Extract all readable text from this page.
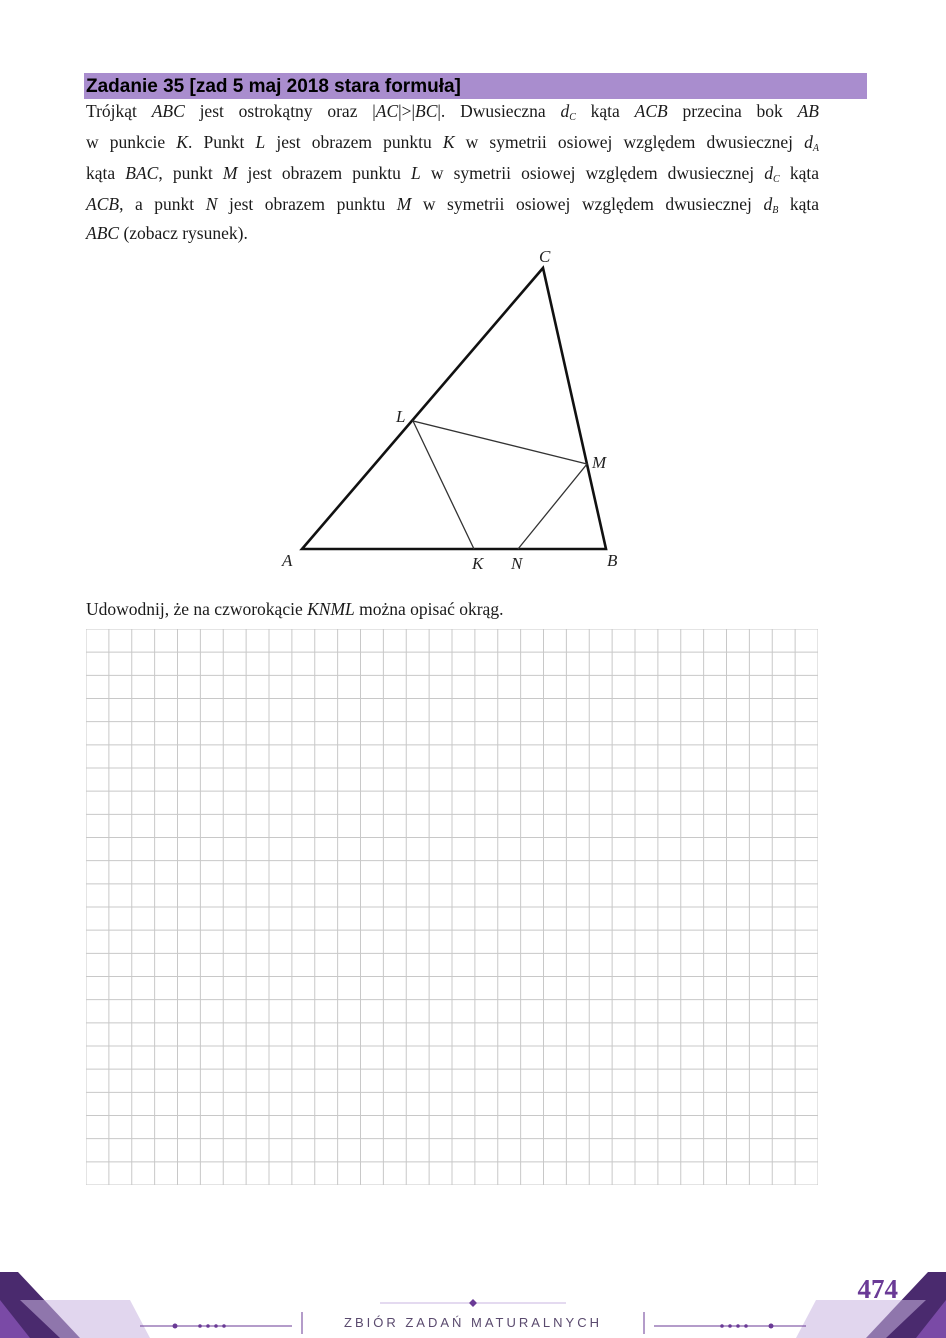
Zadanie 35 [zad 5 maj 2018 stara formuła]
Trójkąt ABC jest ostrokątny oraz |AC|>|BC|. Dwusieczna $d_C$ kąta ACB przecina bok AB
w punkcie K. Punkt L jest obrazem punktu K w symetrii osiowej względem dwusiecznej $d_A$
kąta BAC, punkt M jest obrazem punktu L w symetrii osiowej względem dwusiecznej $d_C$ kąta
ACB, a punkt N jest obrazem punktu M w symetrii osiowej względem dwusiecznej $d_B$ kąta
ABC (zobacz rysunek).
A	B
C
K
L
M
N
Udowodnij, że na czworokącie KNML można opisać okrąg.
474
ZBIÓR ZADAŃ MATURALNYCH
